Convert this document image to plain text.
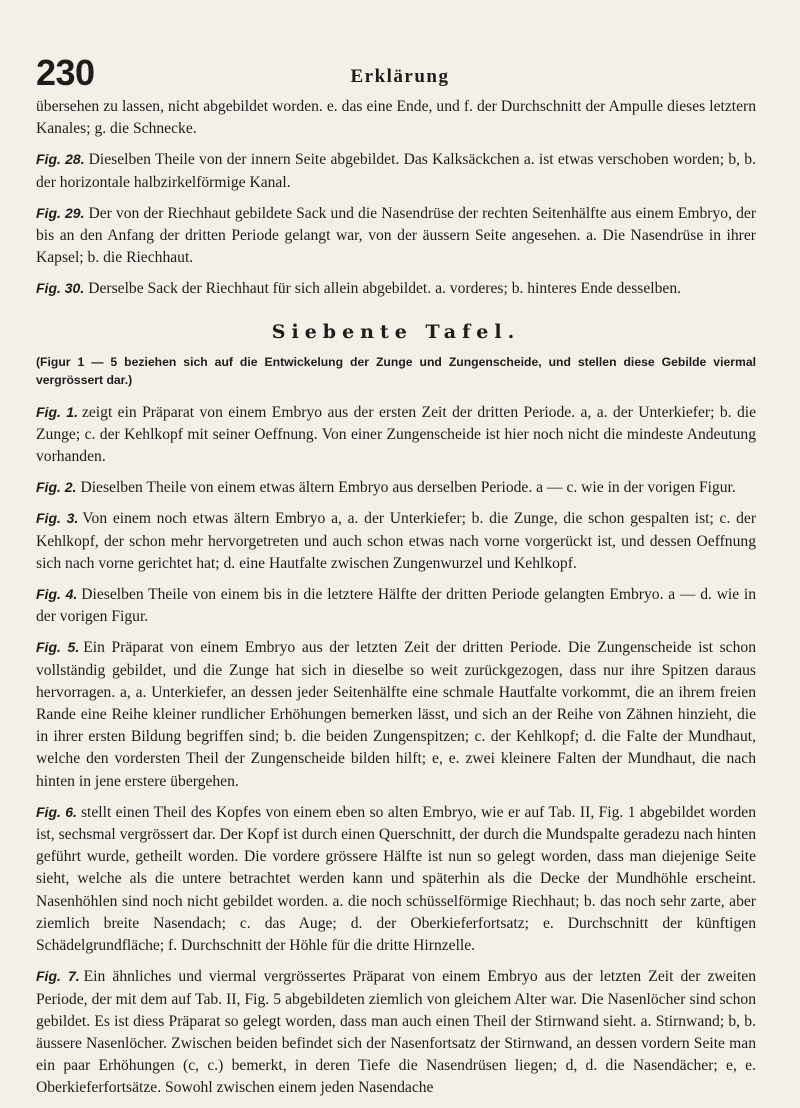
230	Erklärung

übersehen zu lassen, nicht abgebildet worden. e. das eine Ende, und f. der Durchschnitt der Ampulle dieses letztern Kanales; g. die Schnecke.

Fig. 28. Dieselben Theile von der innern Seite abgebildet. Das Kalksäckchen a. ist etwas verschoben worden; b, b. der horizontale halbzirkelförmige Kanal.

Fig. 29. Der von der Riechhaut gebildete Sack und die Nasendrüse der rechten Seitenhälfte aus einem Embryo, der bis an den Anfang der dritten Periode gelangt war, von der äussern Seite angesehen. a. Die Nasendrüse in ihrer Kapsel; b. die Riechhaut.

Fig. 30. Derselbe Sack der Riechhaut für sich allein abgebildet. a. vorderes; b. hinteres Ende desselben.

Siebente Tafel.
(Figur 1 — 5 beziehen sich auf die Entwickelung der Zunge und Zungenscheide, und stellen diese Gebilde viermal vergrössert dar.)

Fig. 1. zeigt ein Präparat von einem Embryo aus der ersten Zeit der dritten Periode. a, a. der Unterkiefer; b. die Zunge; c. der Kehlkopf mit seiner Oeffnung. Von einer Zungenscheide ist hier noch nicht die mindeste Andeutung vorhanden.

Fig. 2. Dieselben Theile von einem etwas ältern Embryo aus derselben Periode. a — c. wie in der vorigen Figur.

Fig. 3. Von einem noch etwas ältern Embryo a, a. der Unterkiefer; b. die Zunge, die schon gespalten ist; c. der Kehlkopf, der schon mehr hervorgetreten und auch schon etwas nach vorne vorgerückt ist, und dessen Oeffnung sich nach vorne gerichtet hat; d. eine Hautfalte zwischen Zungenwurzel und Kehlkopf.

Fig. 4. Dieselben Theile von einem bis in die letztere Hälfte der dritten Periode gelangten Embryo. a — d. wie in der vorigen Figur.

Fig. 5. Ein Präparat von einem Embryo aus der letzten Zeit der dritten Periode. Die Zungenscheide ist schon vollständig gebildet, und die Zunge hat sich in dieselbe so weit zurückgezogen, dass nur ihre Spitzen daraus hervorragen. a, a. Unterkiefer, an dessen jeder Seitenhälfte eine schmale Hautfalte vorkommt, die an ihrem freien Rande eine Reihe kleiner rundlicher Erhöhungen bemerken lässt, und sich an der Reihe von Zähnen hinzieht, die in ihrer ersten Bildung begriffen sind; b. die beiden Zungenspitzen; c. der Kehlkopf; d. die Falte der Mundhaut, welche den vordersten Theil der Zungenscheide bilden hilft; e, e. zwei kleinere Falten der Mundhaut, die nach hinten in jene erstere übergehen.

Fig. 6. stellt einen Theil des Kopfes von einem eben so alten Embryo, wie er auf Tab. II, Fig. 1 abgebildet worden ist, sechsmal vergrössert dar. Der Kopf ist durch einen Querschnitt, der durch die Mundspalte geradezu nach hinten geführt wurde, getheilt worden. Die vordere grössere Hälfte ist nun so gelegt worden, dass man diejenige Seite sieht, welche als die untere betrachtet werden kann und späterhin als die Decke der Mundhöhle erscheint. Nasenhöhlen sind noch nicht gebildet worden. a. die noch schüsselförmige Riechhaut; b. das noch sehr zarte, aber ziemlich breite Nasendach; c. das Auge; d. der Oberkieferfortsatz; e. Durchschnitt der künftigen Schädelgrundfläche; f. Durchschnitt der Höhle für die dritte Hirnzelle.

Fig. 7. Ein ähnliches und viermal vergrössertes Präparat von einem Embryo aus der letzten Zeit der zweiten Periode, der mit dem auf Tab. II, Fig. 5 abgebildeten ziemlich von gleichem Alter war. Die Nasenlöcher sind schon gebildet. Es ist diess Präparat so gelegt worden, dass man auch einen Theil der Stirnwand sieht. a. Stirnwand; b, b. äussere Nasenlöcher. Zwischen beiden befindet sich der Nasenfortsatz der Stirnwand, an dessen vordern Seite man ein paar Erhöhungen (c, c.) bemerkt, in deren Tiefe die Nasendrüsen liegen; d, d. die Nasendächer; e, e. Oberkieferfortsätze. Sowohl zwischen einem jeden Nasendache
